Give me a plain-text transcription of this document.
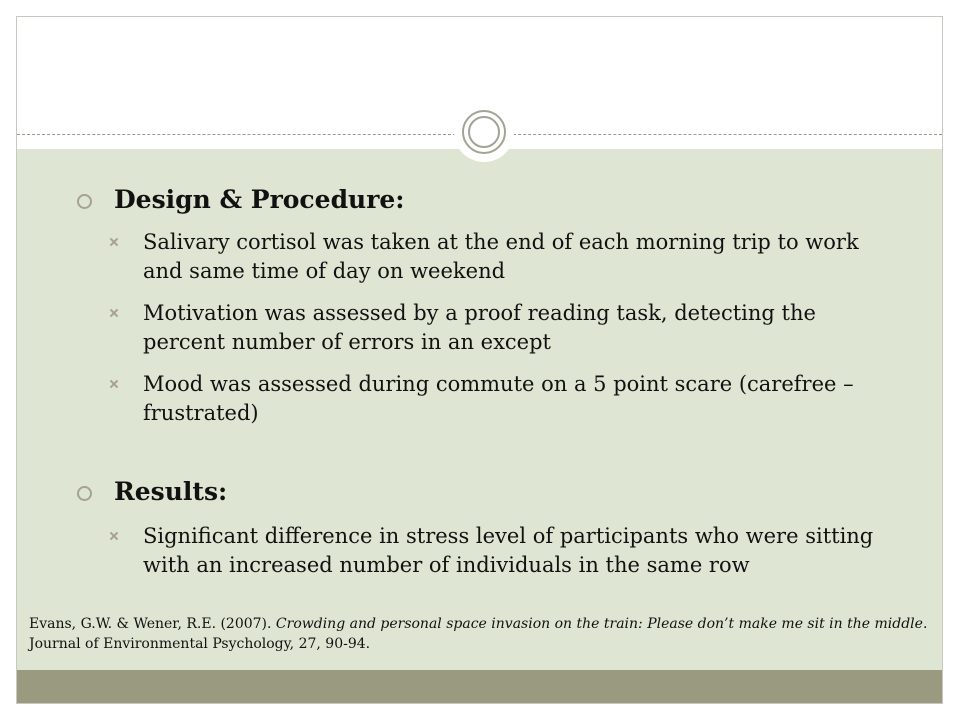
Design & Procedure:
Salivary cortisol was taken at the end of each morning trip to work and same time of day on weekend
Motivation was assessed by a proof reading task, detecting the percent number of errors in an except
Mood was assessed during commute on a 5 point scare (carefree – frustrated)
Results:
Significant difference in stress level of participants who were sitting with an increased number of individuals in the same row
Evans, G.W. & Wener, R.E. (2007). Crowding and personal space invasion on the train: Please don’t make me sit in the middle. Journal of Environmental Psychology, 27, 90-94.
